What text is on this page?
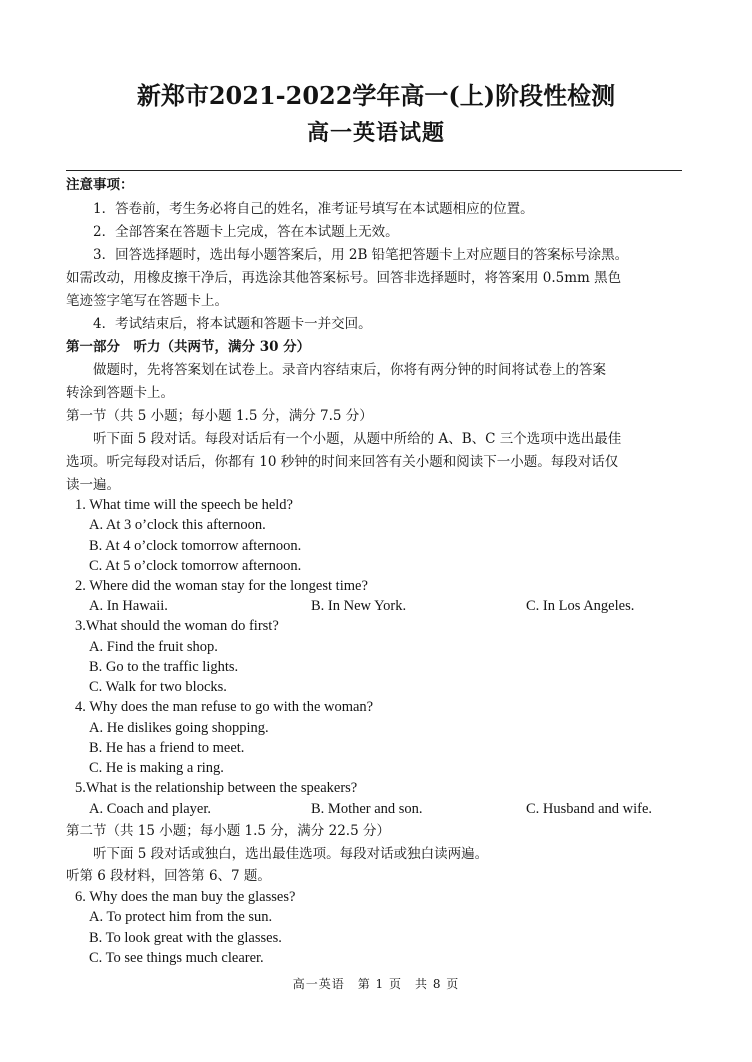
新郑市2021-2022学年高一(上)阶段性检测
高一英语试题
注意事项：
1．答卷前，考生务必将自己的姓名，准考证号填写在本试题相应的位置。
2．全部答案在答题卡上完成，答在本试题上无效。
3．回答选择题时，选出每小题答案后，用 2B 铅笔把答题卡上对应题目的答案标号涂黑。
如需改动，用橡皮擦干净后，再选涂其他答案标号。回答非选择题时，将答案用 0.5mm 黑色
笔迹签字笔写在答题卡上。
4．考试结束后，将本试题和答题卡一并交回。
第一部分　听力（共两节，满分 30 分）
做题时，先将答案划在试卷上。录音内容结束后，你将有两分钟的时间将试卷上的答案
转涂到答题卡上。
第一节（共 5 小题；每小题 1.5 分，满分 7.5 分）
听下面 5 段对话。每段对话后有一个小题，从题中所给的 A、B、C 三个选项中选出最佳
选项。听完每段对话后，你都有 10 秒钟的时间来回答有关小题和阅读下一小题。每段对话仅
读一遍。
1. What time will the speech be held?
A. At 3 o’clock this afternoon.
B. At 4 o’clock tomorrow afternoon.
C. At 5 o’clock tomorrow afternoon.
2. Where did the woman stay for the longest time?
A. In Hawaii.	B. In New York.	C. In Los Angeles.
3.What should the woman do first?
A. Find the fruit shop.
B. Go to the traffic lights.
C. Walk for two blocks.
4. Why does the man refuse to go with the woman?
A. He dislikes going shopping.
B. He has a friend to meet.
C. He is making a ring.
5.What is the relationship between the speakers?
A. Coach and player.	B. Mother and son.	C. Husband and wife.
第二节（共 15 小题；每小题 1.5 分，满分 22.5 分）
听下面 5 段对话或独白，选出最佳选项。每段对话或独白读两遍。
听第 6 段材料，回答第 6、7 题。
6. Why does the man buy the glasses?
A. To protect him from the sun.
B. To look great with the glasses.
C. To see things much clearer.
高一英语　第 1 页　共 8 页
